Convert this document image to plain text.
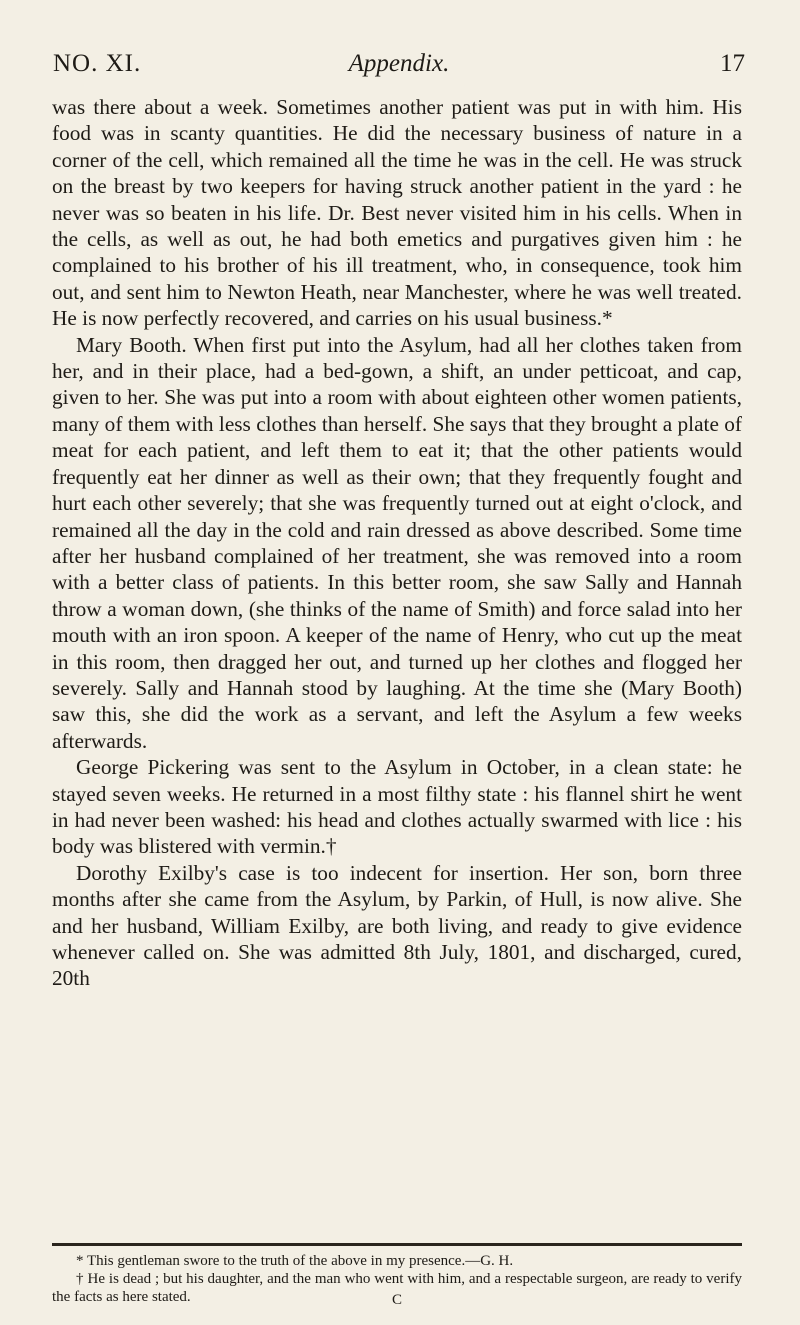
NO. XI.	Appendix.	17

was there about a week. Sometimes another patient was put in with him. His food was in scanty quantities. He did the necessary business of nature in a corner of the cell, which remained all the time he was in the cell. He was struck on the breast by two keepers for having struck another patient in the yard : he never was so beaten in his life. Dr. Best never visited him in his cells. When in the cells, as well as out, he had both emetics and purgatives given him : he complained to his brother of his ill treatment, who, in consequence, took him out, and sent him to Newton Heath, near Manchester, where he was well treated. He is now perfectly recovered, and carries on his usual business.*

Mary Booth. When first put into the Asylum, had all her clothes taken from her, and in their place, had a bed-gown, a shift, an under petticoat, and cap, given to her. She was put into a room with about eighteen other women patients, many of them with less clothes than herself. She says that they brought a plate of meat for each patient, and left them to eat it; that the other patients would frequently eat her dinner as well as their own; that they frequently fought and hurt each other severely; that she was frequently turned out at eight o'clock, and remained all the day in the cold and rain dressed as above described. Some time after her husband complained of her treatment, she was removed into a room with a better class of patients. In this better room, she saw Sally and Hannah throw a woman down, (she thinks of the name of Smith) and force salad into her mouth with an iron spoon. A keeper of the name of Henry, who cut up the meat in this room, then dragged her out, and turned up her clothes and flogged her severely. Sally and Hannah stood by laughing. At the time she (Mary Booth) saw this, she did the work as a servant, and left the Asylum a few weeks afterwards.

George Pickering was sent to the Asylum in October, in a clean state: he stayed seven weeks. He returned in a most filthy state : his flannel shirt he went in had never been washed: his head and clothes actually swarmed with lice : his body was blistered with vermin.†

Dorothy Exilby's case is too indecent for insertion. Her son, born three months after she came from the Asylum, by Parkin, of Hull, is now alive. She and her husband, William Exilby, are both living, and ready to give evidence whenever called on. She was admitted 8th July, 1801, and discharged, cured, 20th

* This gentleman swore to the truth of the above in my presence.—G. H.

† He is dead ; but his daughter, and the man who went with him, and a respectable surgeon, are ready to verify the facts as here stated.	C
